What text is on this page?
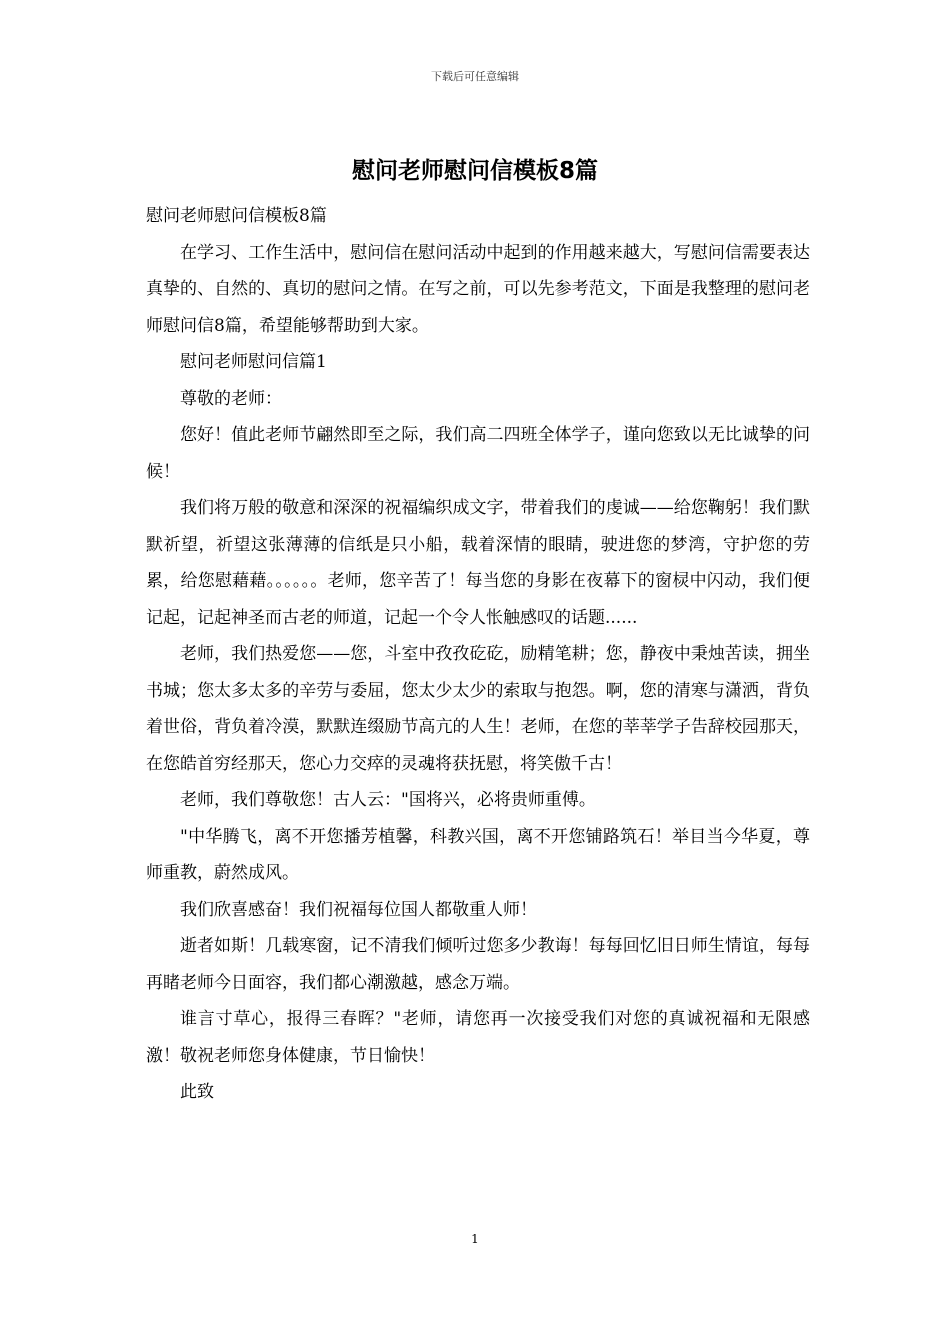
下载后可任意编辑
慰问老师慰问信模板8篇

慰问老师慰问信模板8篇

在学习、工作生活中，慰问信在慰问活动中起到的作用越来越大，写慰问信需要表达真挚的、自然的、真切的慰问之情。在写之前，可以先参考范文，下面是我整理的慰问老师慰问信8篇，希望能够帮助到大家。

慰问老师慰问信篇1

尊敬的老师：

您好！值此老师节翩然即至之际，我们高二四班全体学子，谨向您致以无比诚挚的问候！

我们将万般的敬意和深深的祝福编织成文字，带着我们的虔诚——给您鞠躬！我们默默祈望，祈望这张薄薄的信纸是只小船，载着深情的眼睛，驶进您的梦湾，守护您的劳累，给您慰藉藉。。。。。。老师，您辛苦了！每当您的身影在夜幕下的窗棂中闪动，我们便记起，记起神圣而古老的师道，记起一个令人怅触感叹的话题......

老师，我们热爱您——您，斗室中孜孜矻矻，励精笔耕；您，静夜中秉烛苦读，拥坐书城；您太多太多的辛劳与委屈，您太少太少的索取与抱怨。啊，您的清寒与潇洒，背负着世俗，背负着冷漠，默默连缀励节高亢的人生！老师，在您的莘莘学子告辞校园那天，在您皓首穷经那天，您心力交瘁的灵魂将获抚慰，将笑傲千古！

老师，我们尊敬您！古人云："国将兴，必将贵师重傅。

"中华腾飞，离不开您播芳植馨，科教兴国，离不开您铺路筑石！举目当今华夏，尊师重教，蔚然成风。

我们欣喜感奋！我们祝福每位国人都敬重人师！

逝者如斯！几载寒窗，记不清我们倾听过您多少教诲！每每回忆旧日师生情谊，每每再睹老师今日面容，我们都心潮激越，感念万端。

谁言寸草心，报得三春晖？"老师，请您再一次接受我们对您的真诚祝福和无限感激！敬祝老师您身体健康，节日愉快！

此致

1
